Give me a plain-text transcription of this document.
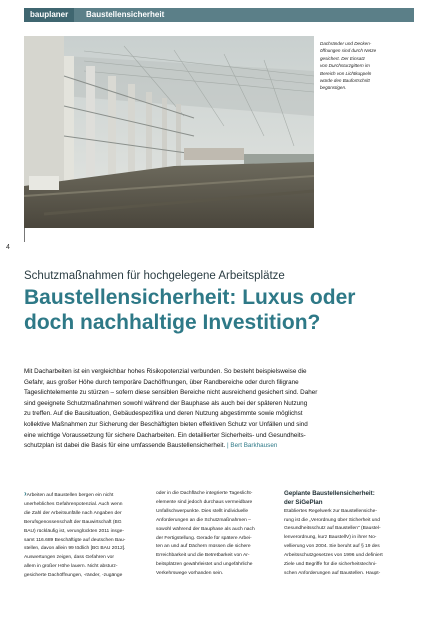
bauplaner	Baustellensicherheit
Dachränder und Decken-
öffnungen sind durch Netze
gesichert. Der Einsatz
von Durchsturzgittern im
Bereich von Lichtkuppeln
würde den Baufortschritt
begünstigen.
4
Schutzmaßnahmen für hochgelegene Arbeitsplätze
Baustellensicherheit: Luxus oder
doch nachhaltige Investition?
Mit Dacharbeiten ist ein vergleichbar hohes Risikopotenzial verbunden. So besteht beispielsweise die
Gefahr, aus großer Höhe durch temporäre Dachöffnungen, über Randbereiche oder durch filigrane
Tageslichtelemente zu stürzen – sofern diese sensiblen Bereiche nicht ausreichend gesichert sind. Daher
sind geeignete Schutzmaßnahmen sowohl während der Bauphase als auch bei der späteren Nutzung
zu treffen. Auf die Bausituation, Gebäudespezifika und deren Nutzung abgestimmte sowie möglichst
kollektive Maßnahmen zur Sicherung der Beschäftigten bieten effektiven Schutz vor Unfällen und sind
eine wichtige Voraussetzung für sichere Dacharbeiten. Ein detaillierter Sicherheits- und Gesundheits-
schutzplan ist dabei die Basis für eine umfassende Baustellensicherheit. | Bert Barkhausen
›Arbeiten auf Baustellen bergen ein nicht
unerhebliches Gefahrenpotenzial. Auch wenn
die Zahl der Arbeitsunfälle nach Angaben der
Berufsgenossenschaft der Bauwirtschaft (BG
BAU) rückläufig ist, verunglückten 2011 insge-
samt 116.689 Beschäftigte auf deutschen Bau-
stellen, davon allein 99 tödlich [BG BAU 2012].
Auswertungen zeigen, dass Gefahren vor
allem in großer Höhe lauern. Nicht absturz-
gesicherte Dachöffnungen, -ränder, -zugänge
oder in die Dachfläche integrierte Tageslicht-
elemente sind jedoch durchaus vermeidbare
Unfallschwerpunkte. Dies stellt individuelle
Anforderungen an die Schutzmaßnahmen –
sowohl während der Bauphase als auch nach
der Fertigstellung. Gerade für spätere Arbei-
ten an und auf Dächern müssen die sichere
Erreichbarkeit und die Betretbarkeit von Ar-
beitsplätzen gewährleistet und ungefährliche
Verkehrswege vorhanden sein.
Geplante Baustellensicherheit:
der SiGePlan
Etabliertes Regelwerk zur Baustellensiche-
rung ist die „Verordnung über Sicherheit und
Gesundheitsschutz auf Baustellen" (Baustel-
lenverordnung, kurz BaustellV) in ihrer No-
vellierung von 2004. Sie beruht auf § 19 des
Arbeitsschutzgesetzes von 1996 und definiert
Ziele und Begriffe für die sicherheitstechni-
schen Anforderungen auf Baustellen. Haupt-
